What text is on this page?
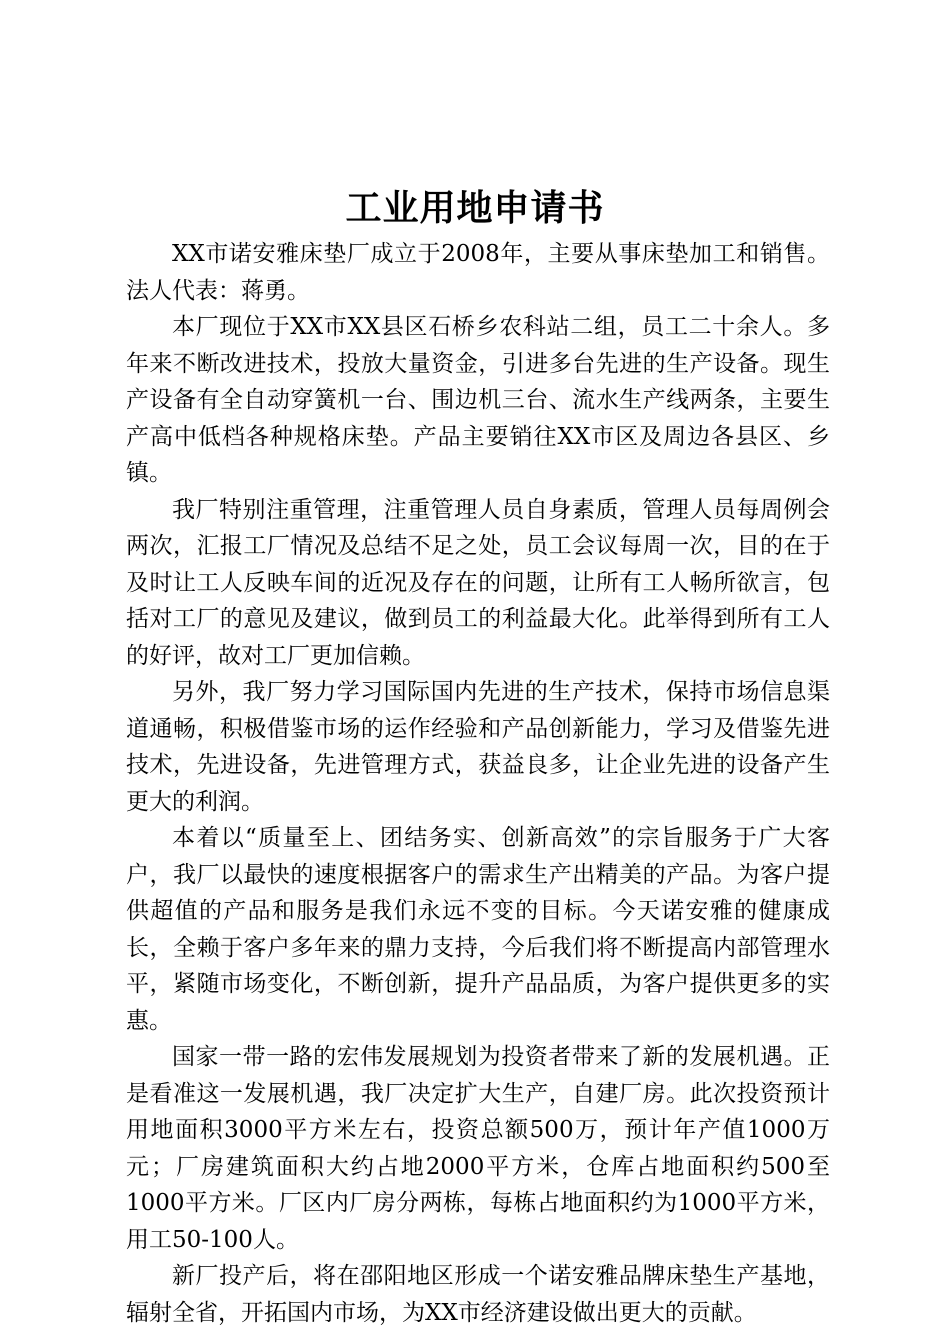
工业用地申请书

XX市诺安雅床垫厂成立于2008年，主要从事床垫加工和销售。法人代表：蒋勇。

本厂现位于XX市XX县区石桥乡农科站二组，员工二十余人。多年来不断改进技术，投放大量资金，引进多台先进的生产设备。现生产设备有全自动穿簧机一台、围边机三台、流水生产线两条，主要生产高中低档各种规格床垫。产品主要销往XX市区及周边各县区、乡镇。

我厂特别注重管理，注重管理人员自身素质，管理人员每周例会两次，汇报工厂情况及总结不足之处，员工会议每周一次，目的在于及时让工人反映车间的近况及存在的问题，让所有工人畅所欲言，包括对工厂的意见及建议，做到员工的利益最大化。此举得到所有工人的好评，故对工厂更加信赖。

另外，我厂努力学习国际国内先进的生产技术，保持市场信息渠道通畅，积极借鉴市场的运作经验和产品创新能力，学习及借鉴先进技术，先进设备，先进管理方式，获益良多，让企业先进的设备产生更大的利润。

本着以“质量至上、团结务实、创新高效”的宗旨服务于广大客户，我厂以最快的速度根据客户的需求生产出精美的产品。为客户提供超值的产品和服务是我们永远不变的目标。今天诺安雅的健康成长，全赖于客户多年来的鼎力支持，今后我们将不断提高内部管理水平，紧随市场变化，不断创新，提升产品品质，为客户提供更多的实惠。

国家一带一路的宏伟发展规划为投资者带来了新的发展机遇。正是看准这一发展机遇，我厂决定扩大生产，自建厂房。此次投资预计用地面积3000平方米左右，投资总额500万，预计年产值1000万元；厂房建筑面积大约占地2000平方米，仓库占地面积约500至1000平方米。厂区内厂房分两栋，每栋占地面积约为1000平方米，用工50-100人。

新厂投产后，将在邵阳地区形成一个诺安雅品牌床垫生产基地，辐射全省，开拓国内市场，为XX市经济建设做出更大的贡献。
